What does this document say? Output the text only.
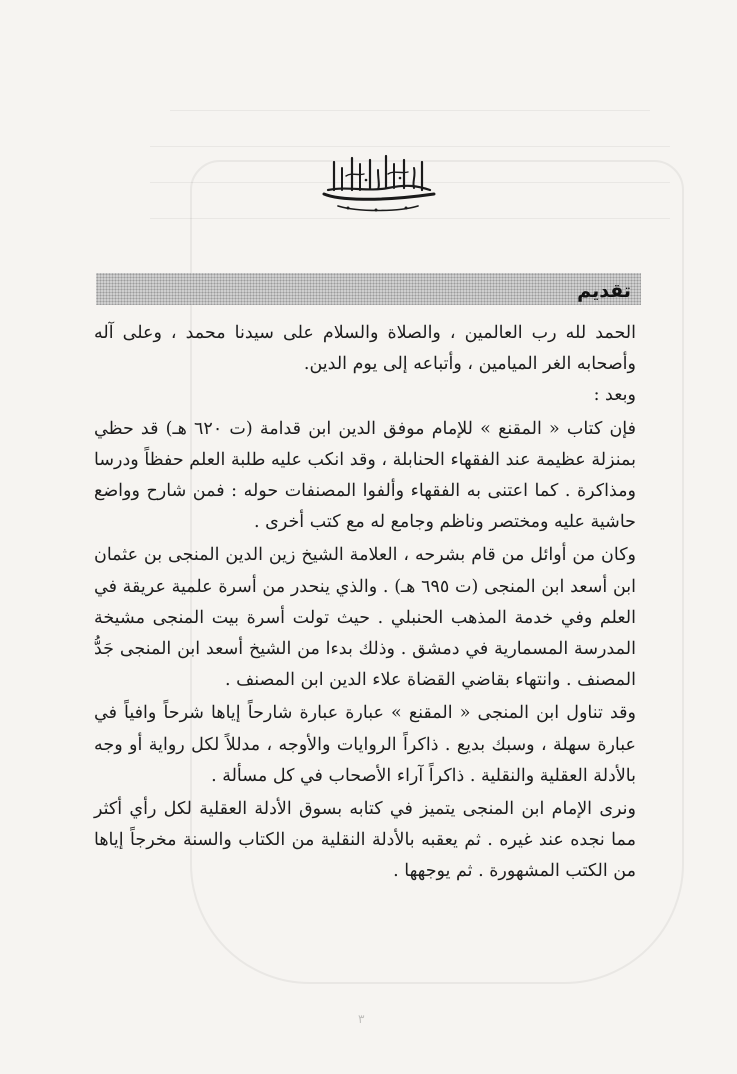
تقديم

الحمد لله رب العالمين ، والصلاة والسلام على سيدنا محمد ، وعلى آله وأصحابه الغر الميامين ، وأتباعه إلى يوم الدين.

وبعد :

فإن كتاب « المقنع » للإمام موفق الدين ابن قدامة (ت ٦٢٠ هـ) قد حظي بمنزلة عظيمة عند الفقهاء الحنابلة ، وقد انكب عليه طلبة العلم حفظاً ودرسا ومذاكرة . كما اعتنى به الفقهاء وألفوا المصنفات حوله : فمن شارح وواضع حاشية عليه ومختصر وناظم وجامع له مع كتب أخرى .

وكان من أوائل من قام بشرحه ، العلامة الشيخ زين الدين المنجى بن عثمان ابن أسعد ابن المنجى (ت ٦٩٥ هـ) . والذي ينحدر من أسرة علمية عريقة في العلم وفي خدمة المذهب الحنبلي . حيث تولت أسرة بيت المنجى مشيخة المدرسة المسمارية في دمشق . وذلك بدءا من الشيخ أسعد ابن المنجى جَدُّ المصنف . وانتهاء بقاضي القضاة علاء الدين ابن المصنف .

وقد تناول ابن المنجى « المقنع » عبارة عبارة شارحاً إياها شرحاً وافياً في عبارة سهلة ، وسبك بديع . ذاكراً الروايات والأوجه ، مدللاً لكل رواية أو وجه بالأدلة العقلية والنقلية . ذاكراً آراء الأصحاب في كل مسألة .

ونرى الإمام ابن المنجى يتميز في كتابه بسوق الأدلة العقلية لكل رأي أكثر مما نجده عند غيره . ثم يعقبه بالأدلة النقلية من الكتاب والسنة مخرجاً إياها من الكتب المشهورة . ثم يوجهها .

٣
